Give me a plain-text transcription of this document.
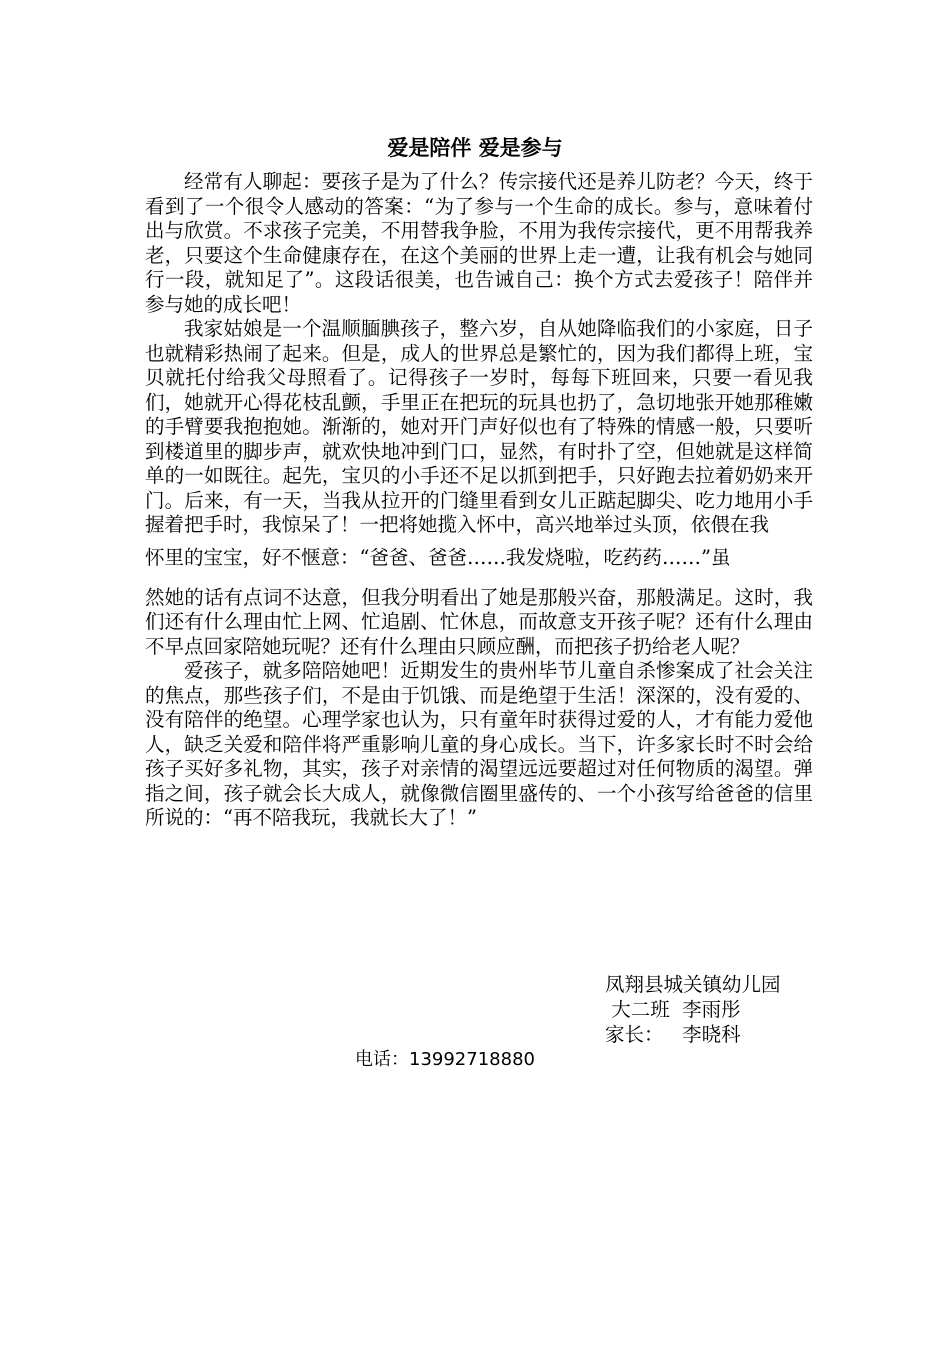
爱是陪伴 爱是参与

经常有人聊起：要孩子是为了什么？传宗接代还是养儿防老？今天，终于看到了一个很令人感动的答案：“为了参与一个生命的成长。参与，意味着付出与欣赏。不求孩子完美，不用替我争脸，不用为我传宗接代，更不用帮我养老，只要这个生命健康存在，在这个美丽的世界上走一遭，让我有机会与她同行一段，就知足了”。这段话很美，也告诫自己：换个方式去爱孩子！陪伴并参与她的成长吧！

我家姑娘是一个温顺腼腆孩子，整六岁，自从她降临我们的小家庭，日子也就精彩热闹了起来。但是，成人的世界总是繁忙的，因为我们都得上班，宝贝就托付给我父母照看了。记得孩子一岁时，每每下班回来，只要一看见我们，她就开心得花枝乱颤，手里正在把玩的玩具也扔了，急切地张开她那稚嫩的手臂要我抱抱她。渐渐的，她对开门声好似也有了特殊的情感一般，只要听到楼道里的脚步声，就欢快地冲到门口，显然，有时扑了空，但她就是这样简单的一如既往。起先，宝贝的小手还不足以抓到把手，只好跑去拉着奶奶来开门。后来，有一天，当我从拉开的门缝里看到女儿正踮起脚尖、吃力地用小手握着把手时，我惊呆了！一把将她揽入怀中，高兴地举过头顶，依偎在我

怀里的宝宝，好不惬意：“爸爸、爸爸……我发烧啦，吃药药……”虽
然她的话有点词不达意，但我分明看出了她是那般兴奋，那般满足。这时，我们还有什么理由忙上网、忙追剧、忙休息，而故意支开孩子呢？还有什么理由不早点回家陪她玩呢？还有什么理由只顾应酬，而把孩子扔给老人呢？

爱孩子，就多陪陪她吧！近期发生的贵州毕节儿童自杀惨案成了社会关注的焦点，那些孩子们，不是由于饥饿、而是绝望于生活！深深的，没有爱的、没有陪伴的绝望。心理学家也认为，只有童年时获得过爱的人，才有能力爱他人，缺乏关爱和陪伴将严重影响儿童的身心成长。当下，许多家长时不时会给孩子买好多礼物，其实，孩子对亲情的渴望远远要超过对任何物质的渴望。弹指之间，孩子就会长大成人，就像微信圈里盛传的、一个小孩写给爸爸的信里所说的：“再不陪我玩，我就长大了！”

凤翔县城关镇幼儿园
大二班  李雨彤
家长：   李晓科
电话：13992718880
